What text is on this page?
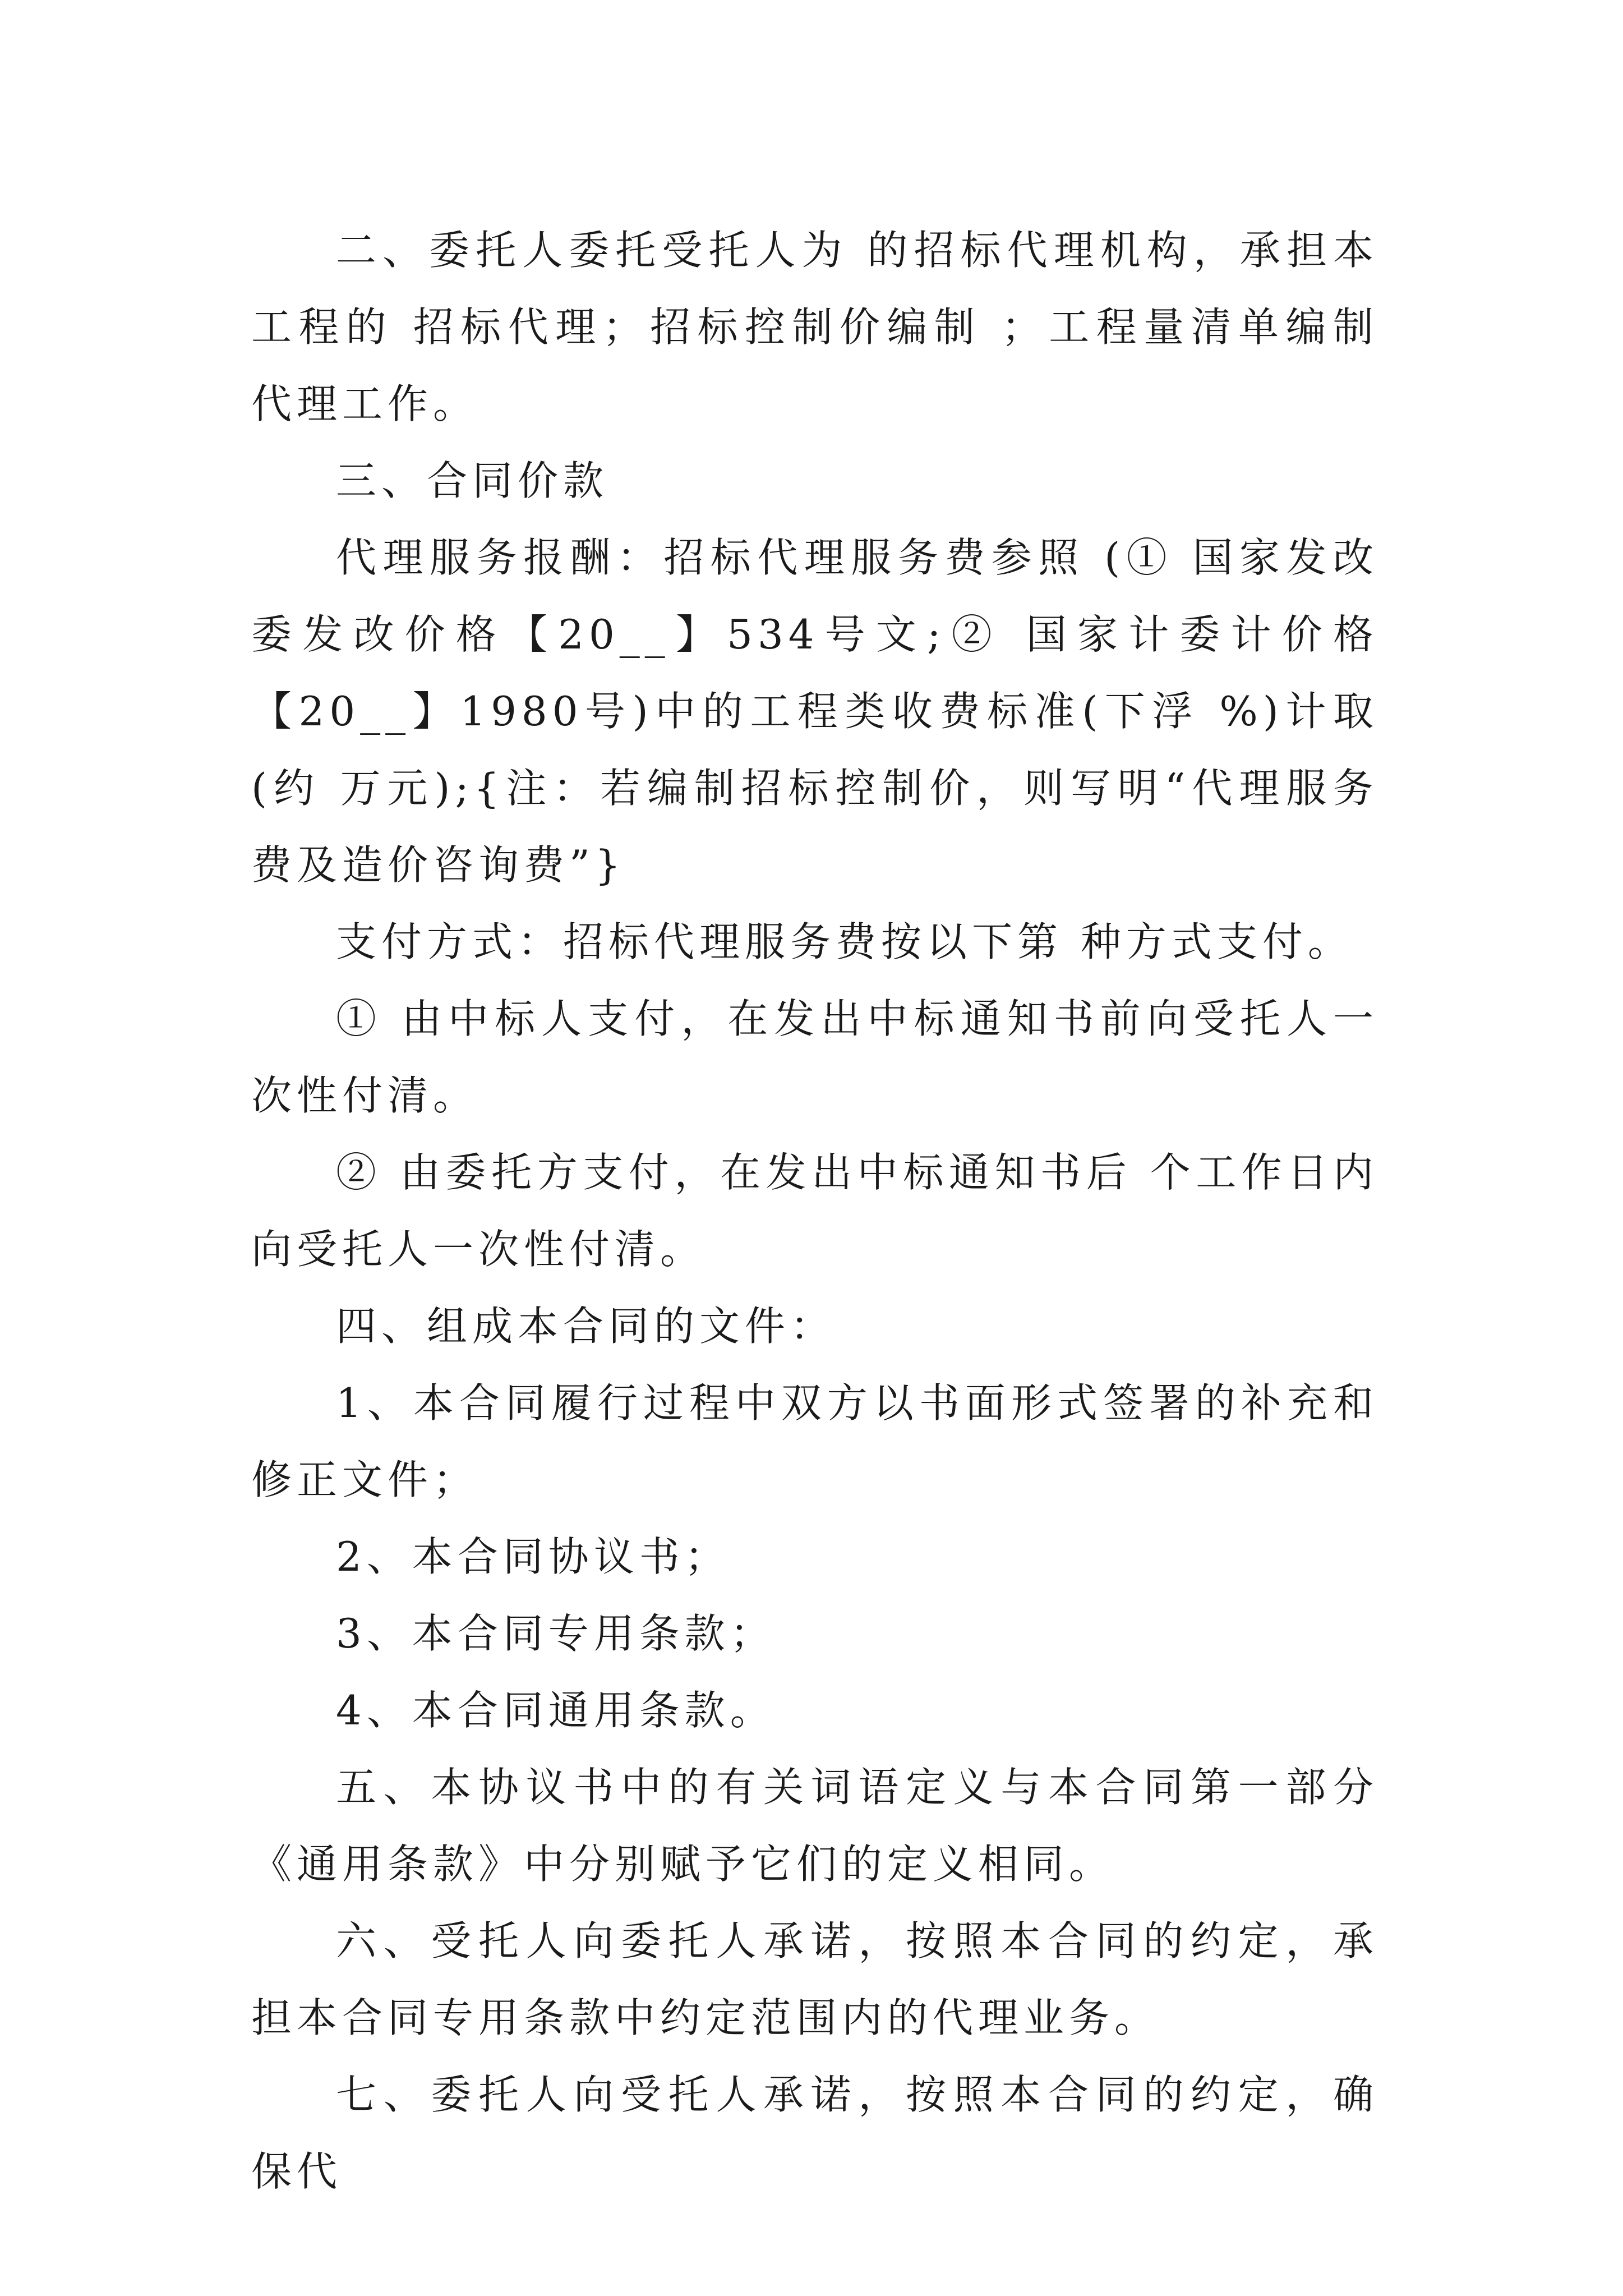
二、委托人委托受托人为 的招标代理机构，承担本工程的 招标代理；招标控制价编制 ；工程量清单编制 代理工作。

三、合同价款

代理服务报酬：招标代理服务费参照 (① 国家发改委发改价格【20__】534号文;② 国家计委计价格【20__】1980号)中的工程类收费标准(下浮 %)计取(约 万元);{注：若编制招标控制价，则写明“代理服务费及造价咨询费”}

支付方式：招标代理服务费按以下第 种方式支付。

① 由中标人支付，在发出中标通知书前向受托人一次性付清。

② 由委托方支付，在发出中标通知书后 个工作日内向受托人一次性付清。

四、组成本合同的文件：

1、本合同履行过程中双方以书面形式签署的补充和修正文件；

2、本合同协议书；

3、本合同专用条款；

4、本合同通用条款。

五、本协议书中的有关词语定义与本合同第一部分《通用条款》中分别赋予它们的定义相同。

六、受托人向委托人承诺，按照本合同的约定，承担本合同专用条款中约定范围内的代理业务。

七、委托人向受托人承诺，按照本合同的约定，确保代
